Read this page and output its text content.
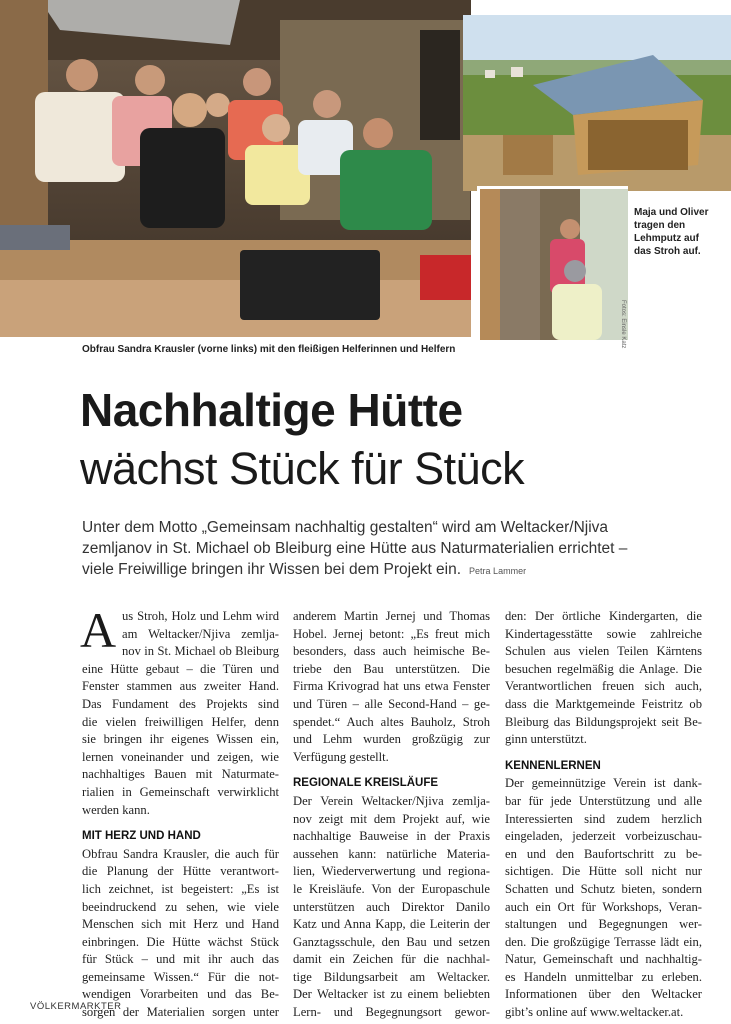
Maja und Oliver
tragen den
Lehmputz auf
das Stroh auf.
Fotos: Einsle Katz
Obfrau Sandra Krausler (vorne links) mit den fleißigen Helferinnen und Helfern
Nachhaltige Hütte
wächst Stück für Stück
Unter dem Motto „Gemeinsam nachhaltig gestalten“ wird am Weltacker/Njiva
zemljanov in St. Michael ob Bleiburg eine Hütte aus Naturmaterialien errichtet –
viele Freiwillige bringen ihr Wissen bei dem Projekt ein. Petra Lammer
A us Stroh, Holz und Lehm wird
am Weltacker/Njiva zemlja-
nov in St. Michael ob Bleiburg
eine Hütte gebaut – die Türen und
Fenster stammen aus zweiter Hand.
Das Fundament des Projekts sind
die vielen freiwilligen Helfer, denn
sie bringen ihr eigenes Wissen ein,
lernen voneinander und zeigen, wie
nachhaltiges Bauen mit Naturmate-
rialien in Gemeinschaft verwirklicht
werden kann.
MIT HERZ UND HAND
Obfrau Sandra Krausler, die auch für
die Planung der Hütte verantwort-
lich zeichnet, ist begeistert: „Es ist
beeindruckend zu sehen, wie viele
Menschen sich mit Herz und Hand
einbringen. Die Hütte wächst Stück
für Stück – und mit ihr auch das
gemeinsame Wissen.“ Für die not-
wendigen Vorarbeiten und das Be-
sorgen der Materialien sorgen unter
anderem Martin Jernej und Thomas
Hobel. Jernej betont: „Es freut mich
besonders, dass auch heimische Be-
triebe den Bau unterstützen. Die
Firma Krivograd hat uns etwa Fenster
und Türen – alle Second-Hand – ge-
spendet.“ Auch altes Bauholz, Stroh
und Lehm wurden großzügig zur
Verfügung gestellt.
REGIONALE KREISLÄUFE
Der Verein Weltacker/Njiva zemlja-
nov zeigt mit dem Projekt auf, wie
nachhaltige Bauweise in der Praxis
aussehen kann: natürliche Materia-
lien, Wiederverwertung und regiona-
le Kreisläufe. Von der Europaschule
unterstützen auch Direktor Danilo
Katz und Anna Kapp, die Leiterin der
Ganztagsschule, den Bau und setzen
damit ein Zeichen für die nachhal-
tige Bildungsarbeit am Weltacker.
Der Weltacker ist zu einem beliebten
Lern- und Begegnungsort gewor-
den: Der örtliche Kindergarten, die
Kindertagesstätte sowie zahlreiche
Schulen aus vielen Teilen Kärntens
besuchen regelmäßig die Anlage. Die
Verantwortlichen freuen sich auch,
dass die Marktgemeinde Feistritz ob
Bleiburg das Bildungsprojekt seit Be-
ginn unterstützt.
KENNENLERNEN
Der gemeinnützige Verein ist dank-
bar für jede Unterstützung und alle
Interessierten sind zudem herzlich
eingeladen, jederzeit vorbeizuschau-
en und den Baufortschritt zu be-
sichtigen. Die Hütte soll nicht nur
Schatten und Schutz bieten, sondern
auch ein Ort für Workshops, Veran-
staltungen und Begegnungen wer-
den. Die großzügige Terrasse lädt ein,
Natur, Gemeinschaft und nachhaltig-
es Handeln unmittelbar zu erleben.
Informationen über den Weltacker
gibt’s online auf www.weltacker.at.
VÖLKERMARKTER
